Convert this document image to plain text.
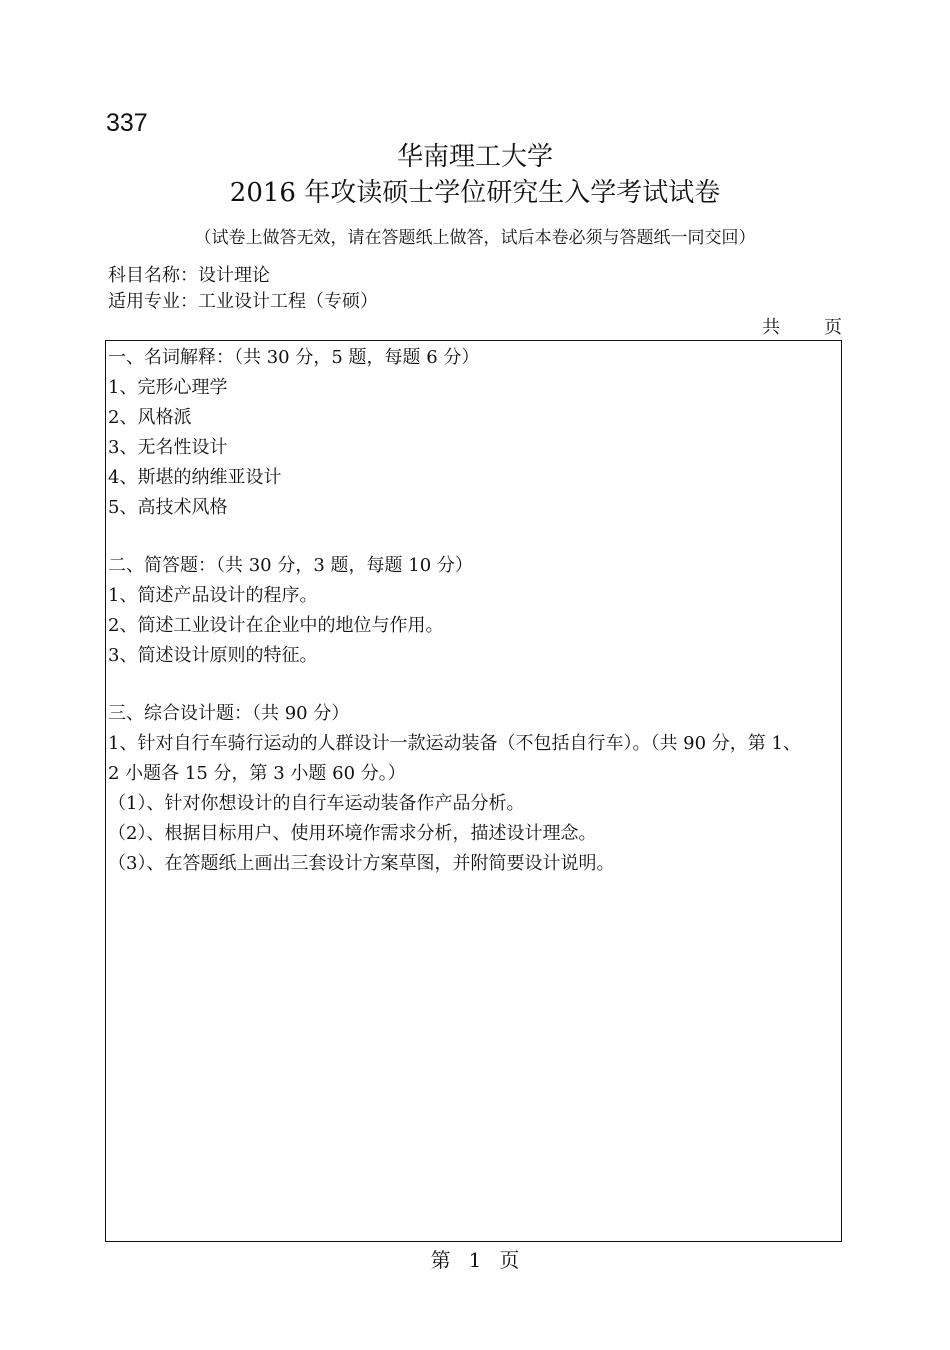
337
华南理工大学
2016 年攻读硕士学位研究生入学考试试卷
（试卷上做答无效，请在答题纸上做答，试后本卷必须与答题纸一同交回）
科目名称：设计理论
适用专业：工业设计工程（专硕）
共 页
一、名词解释：（共 30 分，5 题，每题 6 分）
1、完形心理学
2、风格派
3、无名性设计
4、斯堪的纳维亚设计
5、高技术风格
二、简答题：（共 30 分，3 题，每题 10 分）
1、简述产品设计的程序。
2、简述工业设计在企业中的地位与作用。
3、简述设计原则的特征。
三、综合设计题：（共 90 分）
1、针对自行车骑行运动的人群设计一款运动装备（不包括自行车）。（共 90 分，第 1、
2 小题各 15 分，第 3 小题 60 分。）
（1）、针对你想设计的自行车运动装备作产品分析。
（2）、根据目标用户、使用环境作需求分析，描述设计理念。
（3）、在答题纸上画出三套设计方案草图，并附简要设计说明。
第 1 页
